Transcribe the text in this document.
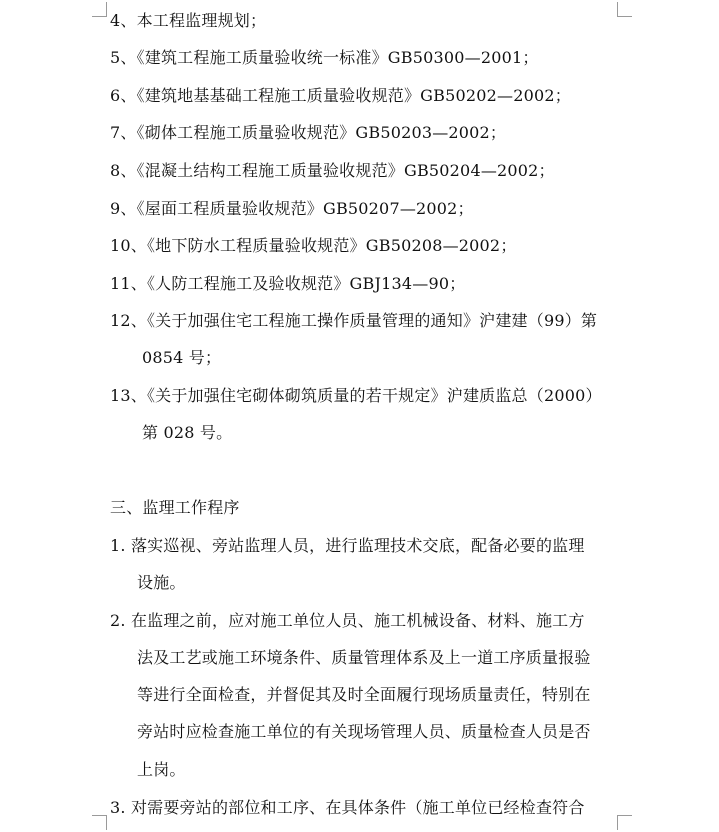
4、本工程监理规划；
5、《建筑工程施工质量验收统一标准》GB50300—2001；
6、《建筑地基基础工程施工质量验收规范》GB50202—2002；
7、《砌体工程施工质量验收规范》GB50203—2002；
8、《混凝土结构工程施工质量验收规范》GB50204—2002；
9、《屋面工程质量验收规范》GB50207—2002；
10、《地下防水工程质量验收规范》GB50208—2002；
11、《人防工程施工及验收规范》GBJ134—90；
12、《关于加强住宅工程施工操作质量管理的通知》沪建建（99）第
0854 号；
13、《关于加强住宅砌体砌筑质量的若干规定》沪建质监总（2000）
第 028 号。
三、监理工作程序
1. 落实巡视、旁站监理人员，进行监理技术交底，配备必要的监理
设施。
2. 在监理之前，应对施工单位人员、施工机械设备、材料、施工方
法及工艺或施工环境条件、质量管理体系及上一道工序质量报验
等进行全面检查，并督促其及时全面履行现场质量责任，特别在
旁站时应检查施工单位的有关现场管理人员、质量检查人员是否
上岗。
3. 对需要旁站的部位和工序、在具体条件（施工单位已经检查符合
